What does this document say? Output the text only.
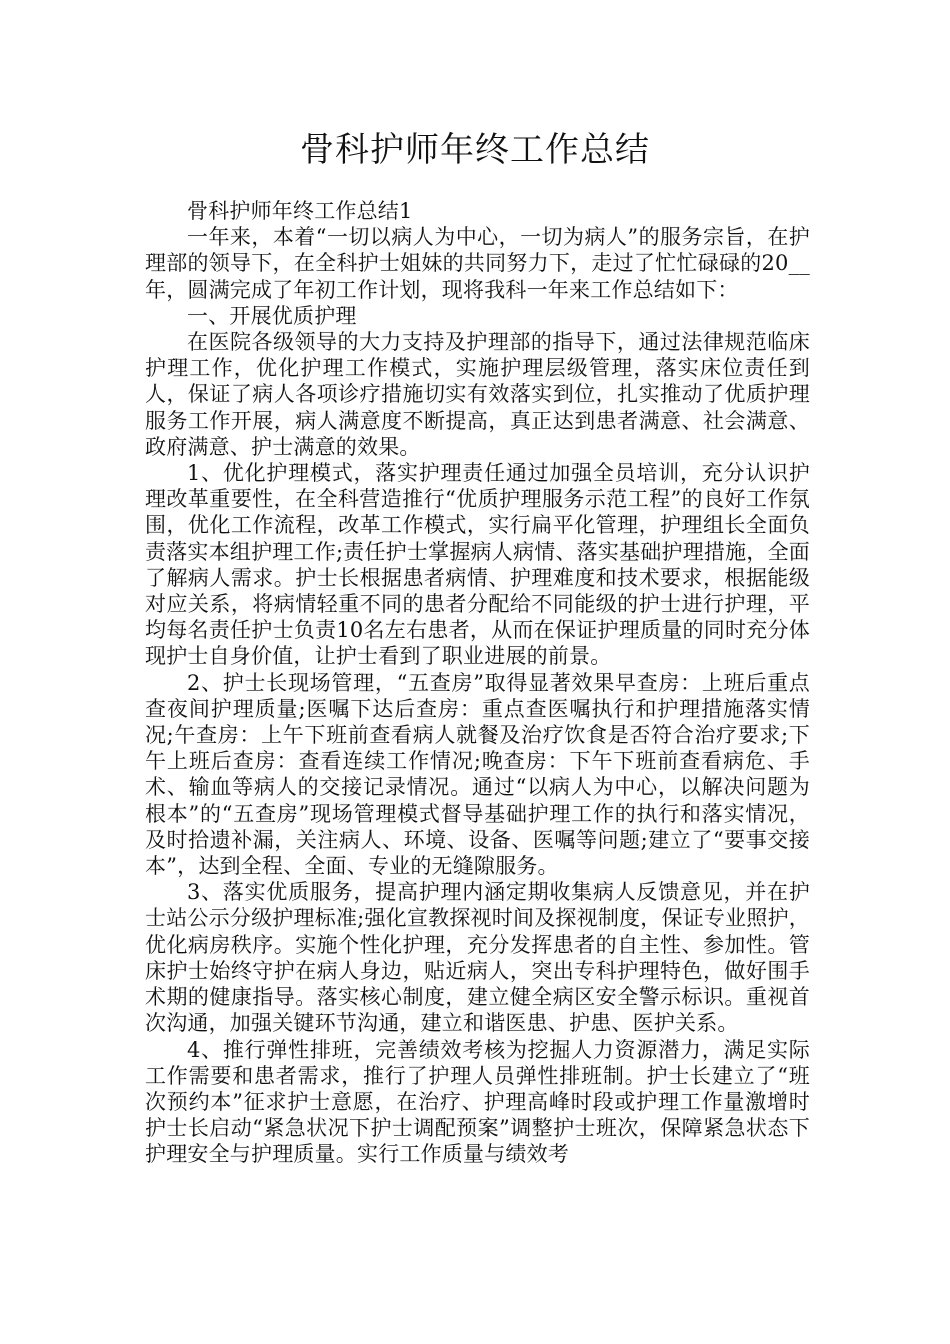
骨科护师年终工作总结

骨科护师年终工作总结1

一年来，本着“一切以病人为中心，一切为病人”的服务宗旨，在护理部的领导下，在全科护士姐妹的共同努力下，走过了忙忙碌碌的20__年，圆满完成了年初工作计划，现将我科一年来工作总结如下：

一、开展优质护理

在医院各级领导的大力支持及护理部的指导下，通过法律规范临床护理工作，优化护理工作模式，实施护理层级管理，落实床位责任到人，保证了病人各项诊疗措施切实有效落实到位，扎实推动了优质护理服务工作开展，病人满意度不断提高，真正达到患者满意、社会满意、政府满意、护士满意的效果。

1、优化护理模式，落实护理责任通过加强全员培训，充分认识护理改革重要性，在全科营造推行“优质护理服务示范工程”的良好工作氛围，优化工作流程，改革工作模式，实行扁平化管理，护理组长全面负责落实本组护理工作;责任护士掌握病人病情、落实基础护理措施，全面了解病人需求。护士长根据患者病情、护理难度和技术要求，根据能级对应关系，将病情轻重不同的患者分配给不同能级的护士进行护理，平均每名责任护士负责10名左右患者，从而在保证护理质量的同时充分体现护士自身价值，让护士看到了职业进展的前景。

2、护士长现场管理，“五查房”取得显著效果早查房：上班后重点查夜间护理质量;医嘱下达后查房：重点查医嘱执行和护理措施落实情况;午查房：上午下班前查看病人就餐及治疗饮食是否符合治疗要求;下午上班后查房：查看连续工作情况;晚查房：下午下班前查看病危、手术、输血等病人的交接记录情况。通过“以病人为中心，以解决问题为根本”的“五查房”现场管理模式督导基础护理工作的执行和落实情况，及时拾遗补漏，关注病人、环境、设备、医嘱等问题;建立了“要事交接本”，达到全程、全面、专业的无缝隙服务。

3、落实优质服务，提高护理内涵定期收集病人反馈意见，并在护士站公示分级护理标准;强化宣教探视时间及探视制度，保证专业照护，优化病房秩序。实施个性化护理，充分发挥患者的自主性、参加性。管床护士始终守护在病人身边，贴近病人，突出专科护理特色，做好围手术期的健康指导。落实核心制度，建立健全病区安全警示标识。重视首次沟通，加强关键环节沟通，建立和谐医患、护患、医护关系。

4、推行弹性排班，完善绩效考核为挖掘人力资源潜力，满足实际工作需要和患者需求，推行了护理人员弹性排班制。护士长建立了“班次预约本”征求护士意愿，在治疗、护理高峰时段或护理工作量激增时护士长启动“紧急状况下护士调配预案”调整护士班次，保障紧急状态下护理安全与护理质量。实行工作质量与绩效考
